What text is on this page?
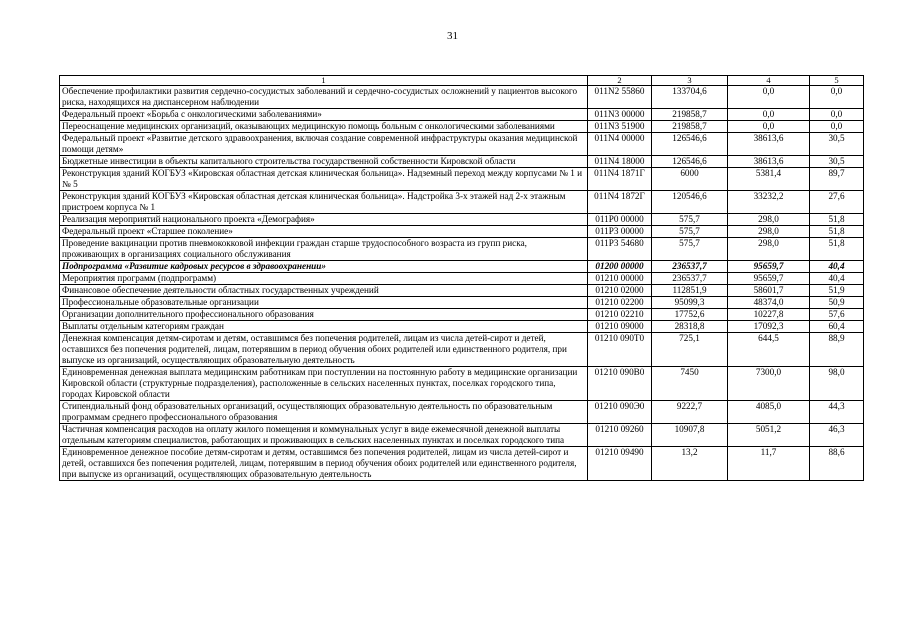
31
1	2	3	4	5
Обеспечение профилактики развития сердечно-сосудистых заболеваний и сердечно-сосудистых осложнений у пациентов высокого риска, находящихся на диспансерном наблюдении	011N2 55860	133704,6	0,0	0,0
Федеральный проект «Борьба с онкологическими заболеваниями»	011N3 00000	219858,7	0,0	0,0
Переоснащение медицинских организаций, оказывающих медицинскую помощь больным с онкологическими заболеваниями	011N3 51900	219858,7	0,0	0,0
Федеральный проект «Развитие детского здравоохранения, включая создание современной инфраструктуры оказания медицинской помощи детям»	011N4 00000	126546,6	38613,6	30,5
Бюджетные инвестиции в объекты капитального строительства государственной собственности Кировской области	011N4 18000	126546,6	38613,6	30,5
Реконструкция зданий КОГБУЗ «Кировская областная детская клиническая больница». Надземный переход между корпусами № 1 и № 5	011N4 1871Г	6000	5381,4	89,7
Реконструкция зданий КОГБУЗ «Кировская областная детская клиническая больница». Надстройка 3-х этажей над 2-х этажным пристроем корпуса № 1	011N4 1872Г	120546,6	33232,2	27,6
Реализация мероприятий национального проекта «Демография»	011P0 00000	575,7	298,0	51,8
Федеральный проект «Старшее поколение»	011P3 00000	575,7	298,0	51,8
Проведение вакцинации против пневмококковой инфекции граждан старше трудоспособного возраста из групп риска, проживающих в организациях социального обслуживания	011P3 54680	575,7	298,0	51,8
Подпрограмма «Развитие кадровых ресурсов в здравоохранении»	01200 00000	236537,7	95659,7	40,4
Мероприятия программ (подпрограмм)	01210 00000	236537,7	95659,7	40,4
Финансовое обеспечение деятельности областных государственных учреждений	01210 02000	112851,9	58601,7	51,9
Профессиональные образовательные организации	01210 02200	95099,3	48374,0	50,9
Организации дополнительного профессионального образования	01210 02210	17752,6	10227,8	57,6
Выплаты отдельным категориям граждан	01210 09000	28318,8	17092,3	60,4
Денежная компенсация детям-сиротам и детям, оставшимся без попечения родителей, лицам из числа детей-сирот и детей, оставшихся без попечения родителей, лицам, потерявшим в период обучения обоих родителей или единственного родителя, при выпуске из организаций, осуществляющих образовательную деятельность	01210 090Т0	725,1	644,5	88,9
Единовременная денежная выплата медицинским работникам при поступлении на постоянную работу в медицинские организации Кировской области (структурные подразделения), расположенные в сельских населенных пунктах, поселках городского типа, городах Кировской области	01210 090В0	7450	7300,0	98,0
Стипендиальный фонд образовательных организаций, осуществляющих образовательную деятельность по образовательным программам среднего профессионального образования	01210 090Э0	9222,7	4085,0	44,3
Частичная компенсация расходов на оплату жилого помещения и коммунальных услуг в виде ежемесячной денежной выплаты отдельным категориям специалистов, работающих и проживающих в сельских населенных пунктах и поселках городского типа	01210 09260	10907,8	5051,2	46,3
Единовременное денежное пособие детям-сиротам и детям, оставшимся без попечения родителей, лицам из числа детей-сирот и детей, оставшихся без попечения родителей, лицам, потерявшим в период обучения обоих родителей или единственного родителя, при выпуске из организаций, осуществляющих образовательную деятельность	01210 09490	13,2	11,7	88,6
